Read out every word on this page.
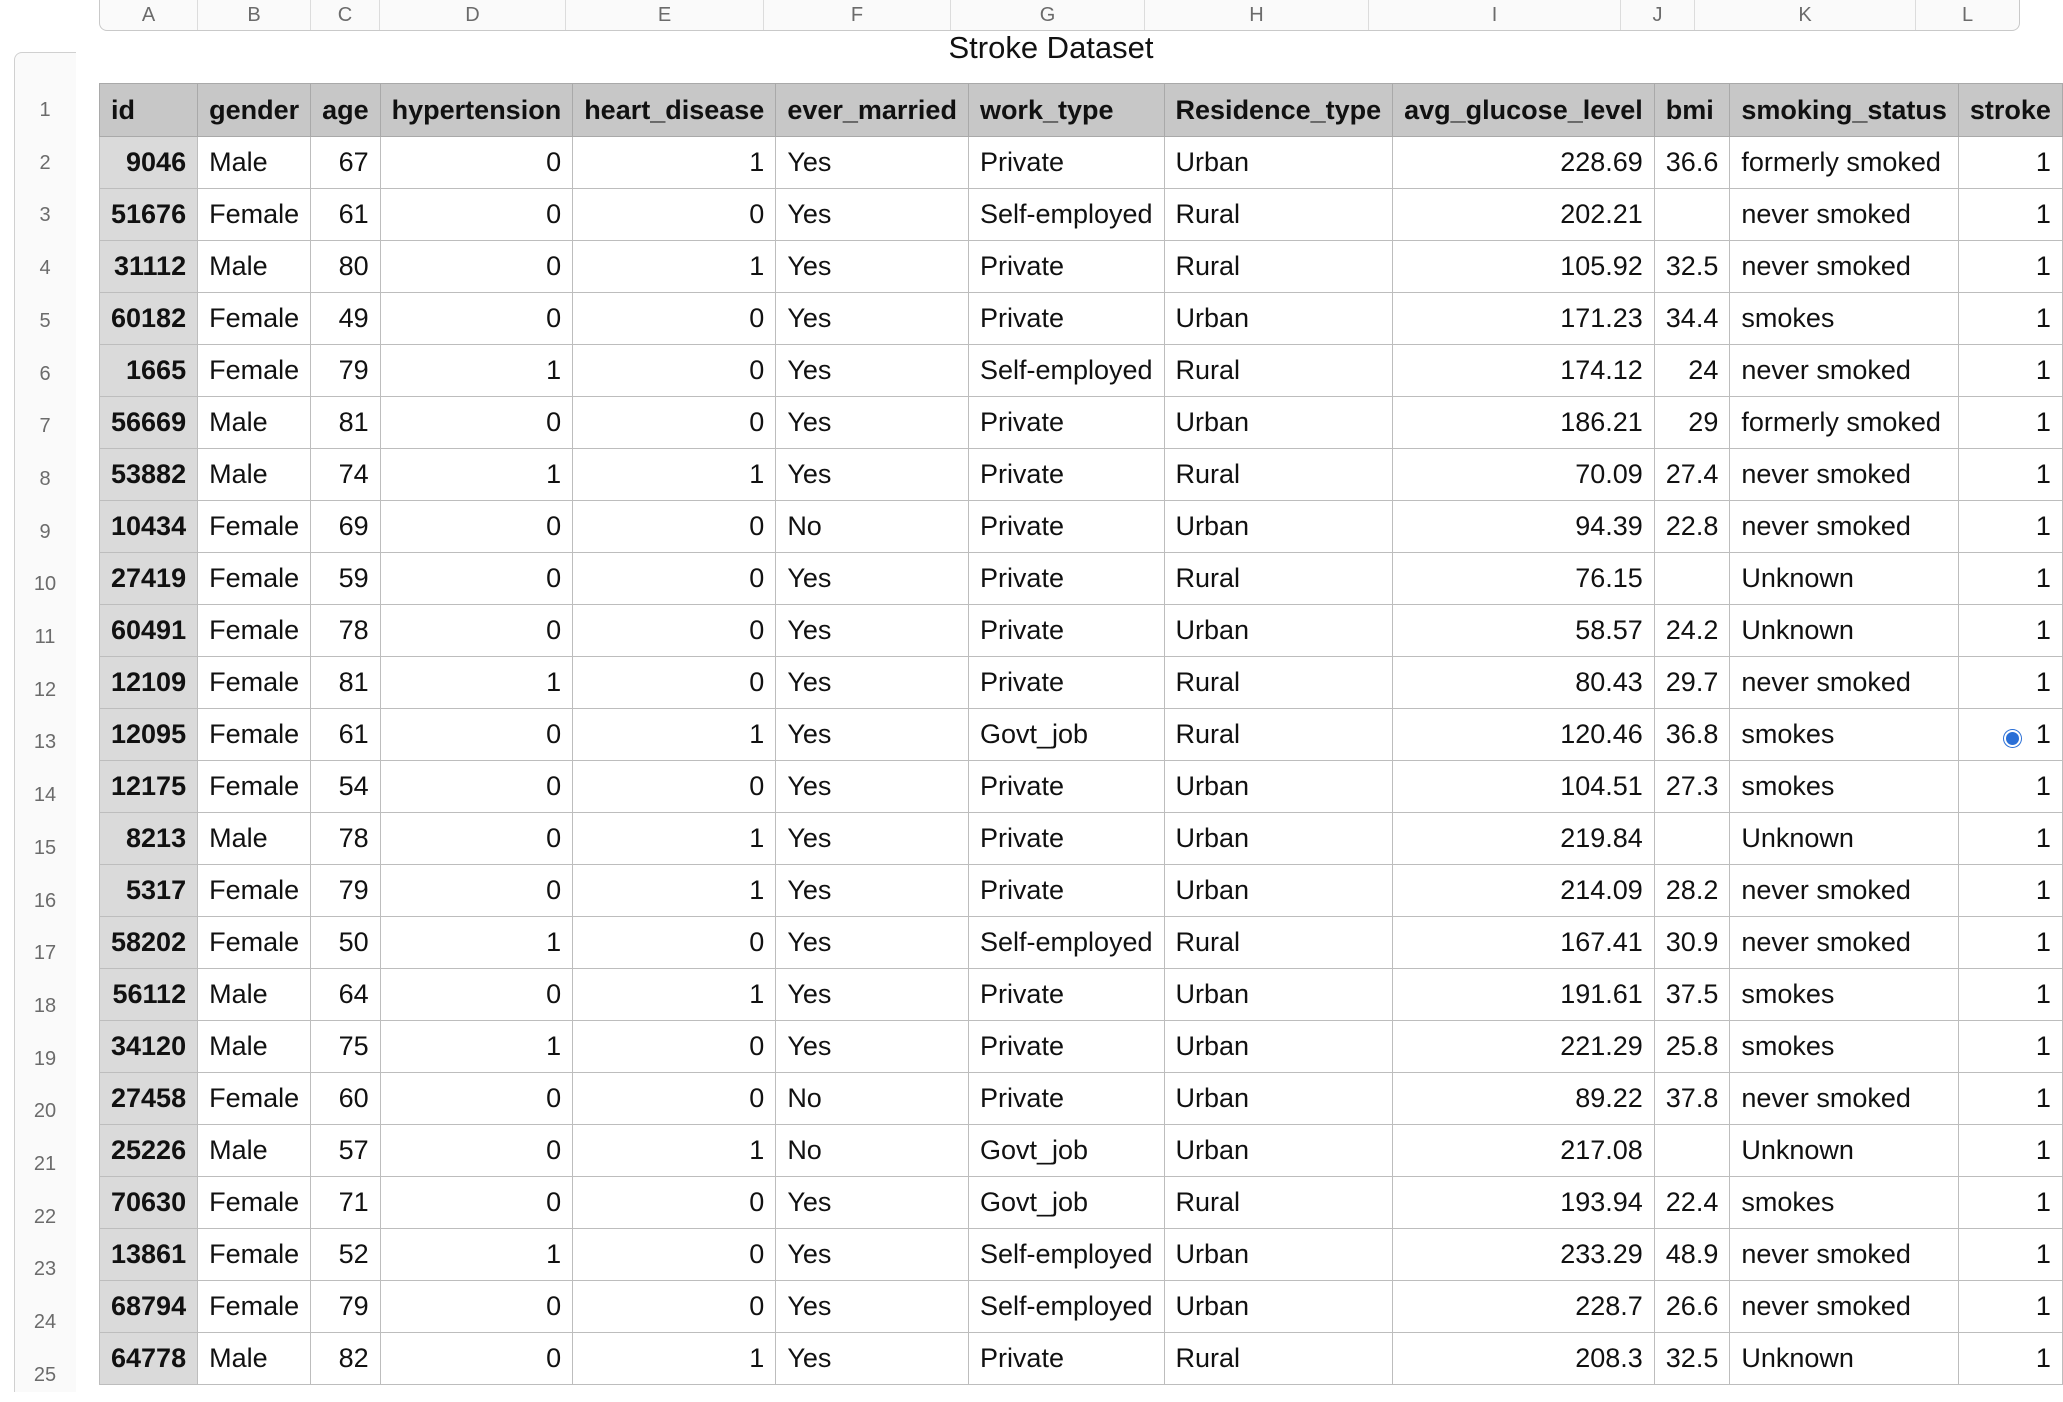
A	B	C	D	E	F	G	H	I	J	K	L
1
2
3
4
5
6
7
8
9
10
11
12
13
14
15
16
17
18
19
20
21
22
23
24
25
Stroke Dataset
id	gender	age	hypertension	heart_disease	ever_married	work_type	Residence_type	avg_glucose_level	bmi	smoking_status	stroke
9046	Male	67	0	1	Yes	Private	Urban	228.69	36.6	formerly smoked	1
51676	Female	61	0	0	Yes	Self-employed	Rural	202.21		never smoked	1
31112	Male	80	0	1	Yes	Private	Rural	105.92	32.5	never smoked	1
60182	Female	49	0	0	Yes	Private	Urban	171.23	34.4	smokes	1
1665	Female	79	1	0	Yes	Self-employed	Rural	174.12	24	never smoked	1
56669	Male	81	0	0	Yes	Private	Urban	186.21	29	formerly smoked	1
53882	Male	74	1	1	Yes	Private	Rural	70.09	27.4	never smoked	1
10434	Female	69	0	0	No	Private	Urban	94.39	22.8	never smoked	1
27419	Female	59	0	0	Yes	Private	Rural	76.15		Unknown	1
60491	Female	78	0	0	Yes	Private	Urban	58.57	24.2	Unknown	1
12109	Female	81	1	0	Yes	Private	Rural	80.43	29.7	never smoked	1
12095	Female	61	0	1	Yes	Govt_job	Rural	120.46	36.8	smokes	1
12175	Female	54	0	0	Yes	Private	Urban	104.51	27.3	smokes	1
8213	Male	78	0	1	Yes	Private	Urban	219.84		Unknown	1
5317	Female	79	0	1	Yes	Private	Urban	214.09	28.2	never smoked	1
58202	Female	50	1	0	Yes	Self-employed	Rural	167.41	30.9	never smoked	1
56112	Male	64	0	1	Yes	Private	Urban	191.61	37.5	smokes	1
34120	Male	75	1	0	Yes	Private	Urban	221.29	25.8	smokes	1
27458	Female	60	0	0	No	Private	Urban	89.22	37.8	never smoked	1
25226	Male	57	0	1	No	Govt_job	Urban	217.08		Unknown	1
70630	Female	71	0	0	Yes	Govt_job	Rural	193.94	22.4	smokes	1
13861	Female	52	1	0	Yes	Self-employed	Urban	233.29	48.9	never smoked	1
68794	Female	79	0	0	Yes	Self-employed	Urban	228.7	26.6	never smoked	1
64778	Male	82	0	1	Yes	Private	Rural	208.3	32.5	Unknown	1
